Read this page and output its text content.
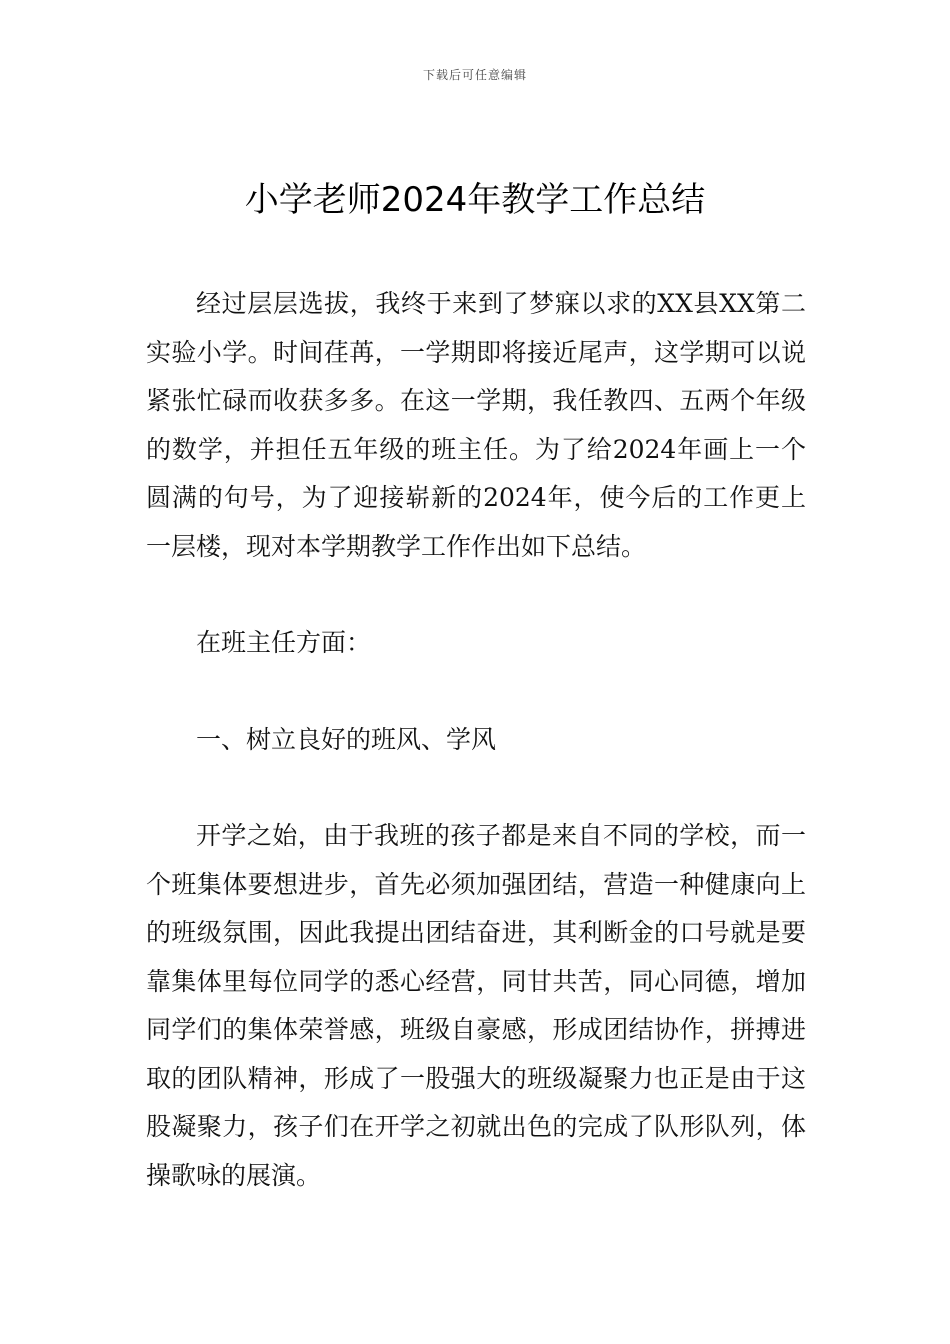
下载后可任意编辑
小学老师2024年教学工作总结

经过层层选拔，我终于来到了梦寐以求的XX县XX第二实验小学。时间荏苒，一学期即将接近尾声，这学期可以说紧张忙碌而收获多多。在这一学期，我任教四、五两个年级的数学，并担任五年级的班主任。为了给2024年画上一个圆满的句号，为了迎接崭新的2024年，使今后的工作更上一层楼，现对本学期教学工作作出如下总结。

在班主任方面：

一、树立良好的班风、学风

开学之始，由于我班的孩子都是来自不同的学校，而一个班集体要想进步，首先必须加强团结，营造一种健康向上的班级氛围，因此我提出团结奋进，其利断金的口号就是要靠集体里每位同学的悉心经营，同甘共苦，同心同德，增加同学们的集体荣誉感，班级自豪感，形成团结协作，拼搏进取的团队精神，形成了一股强大的班级凝聚力也正是由于这股凝聚力，孩子们在开学之初就出色的完成了队形队列，体操歌咏的展演。
